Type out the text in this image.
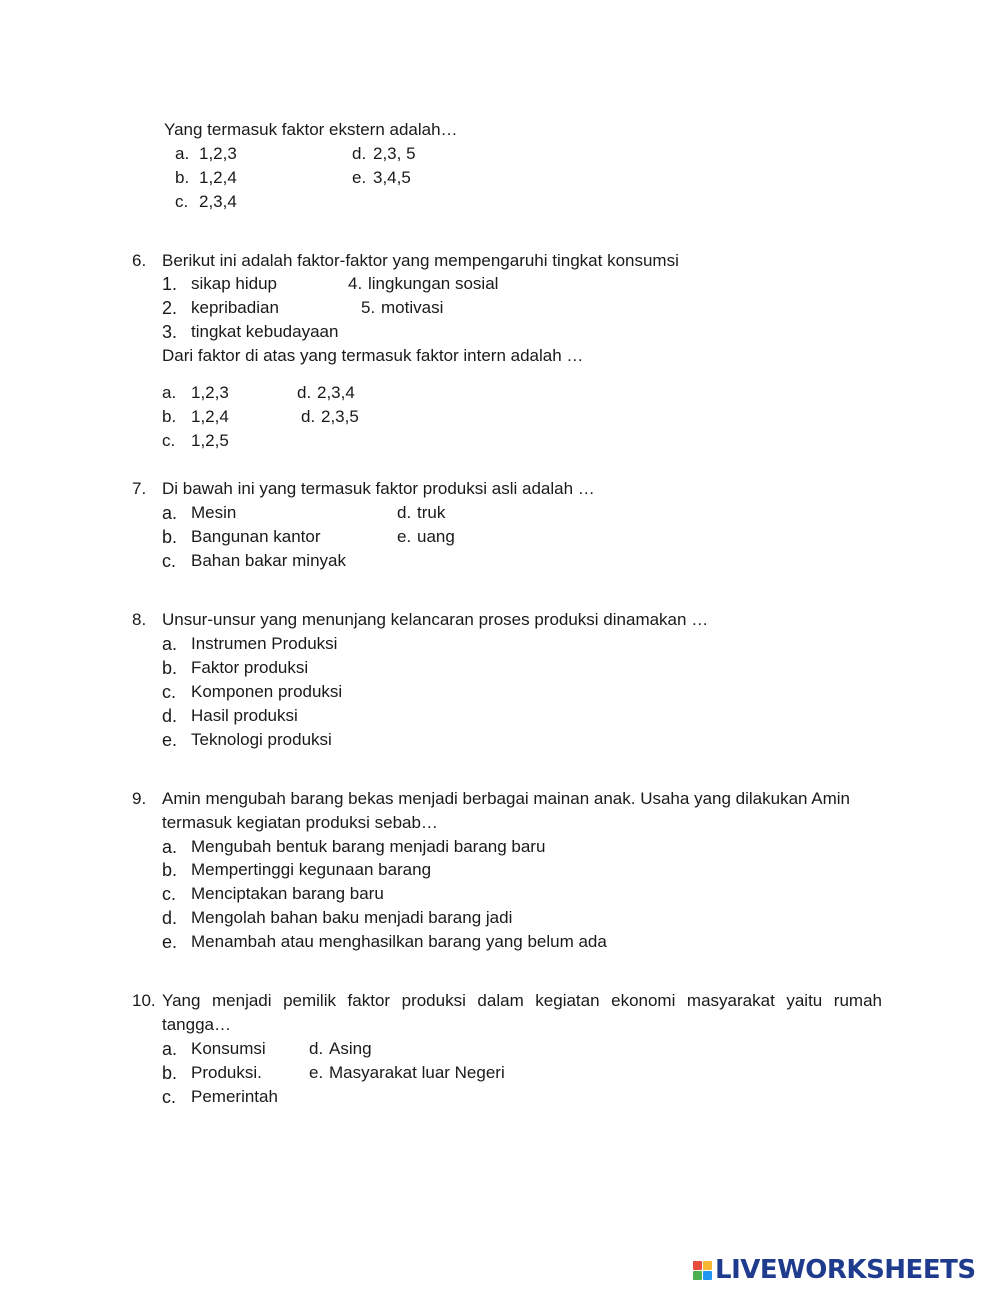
Yang termasuk faktor ekstern adalah…
a. 1,2,3	d. 2,3, 5
b. 1,2,4	e. 3,4,5
c. 2,3,4
6. Berikut ini adalah faktor-faktor yang mempengaruhi tingkat konsumsi
1. sikap hidup	4. lingkungan sosial
2. kepribadian	5. motivasi
3. tingkat kebudayaan
Dari faktor di atas yang termasuk faktor intern adalah …
a. 1,2,3	d. 2,3,4
b. 1,2,4	d. 2,3,5
c. 1,2,5
7. Di bawah ini yang termasuk faktor produksi asli adalah …
a. Mesin	d. truk
b. Bangunan kantor	e. uang
c. Bahan bakar minyak
8. Unsur-unsur yang menunjang kelancaran proses produksi dinamakan …
a. Instrumen Produksi
b. Faktor produksi
c. Komponen produksi
d. Hasil produksi
e. Teknologi produksi
9. Amin mengubah barang bekas menjadi berbagai mainan anak. Usaha yang dilakukan Amin
termasuk kegiatan produksi sebab…
a. Mengubah bentuk barang menjadi barang baru
b. Mempertinggi kegunaan barang
c. Menciptakan barang baru
d. Mengolah bahan baku menjadi barang jadi
e. Menambah atau menghasilkan barang yang belum ada
10. Yang menjadi pemilik faktor produksi dalam kegiatan ekonomi masyarakat yaitu rumah
tangga…
a. Konsumsi	d. Asing
b. Produksi.	e. Masyarakat luar Negeri
c. Pemerintah
LIVEWORKSHEETS
